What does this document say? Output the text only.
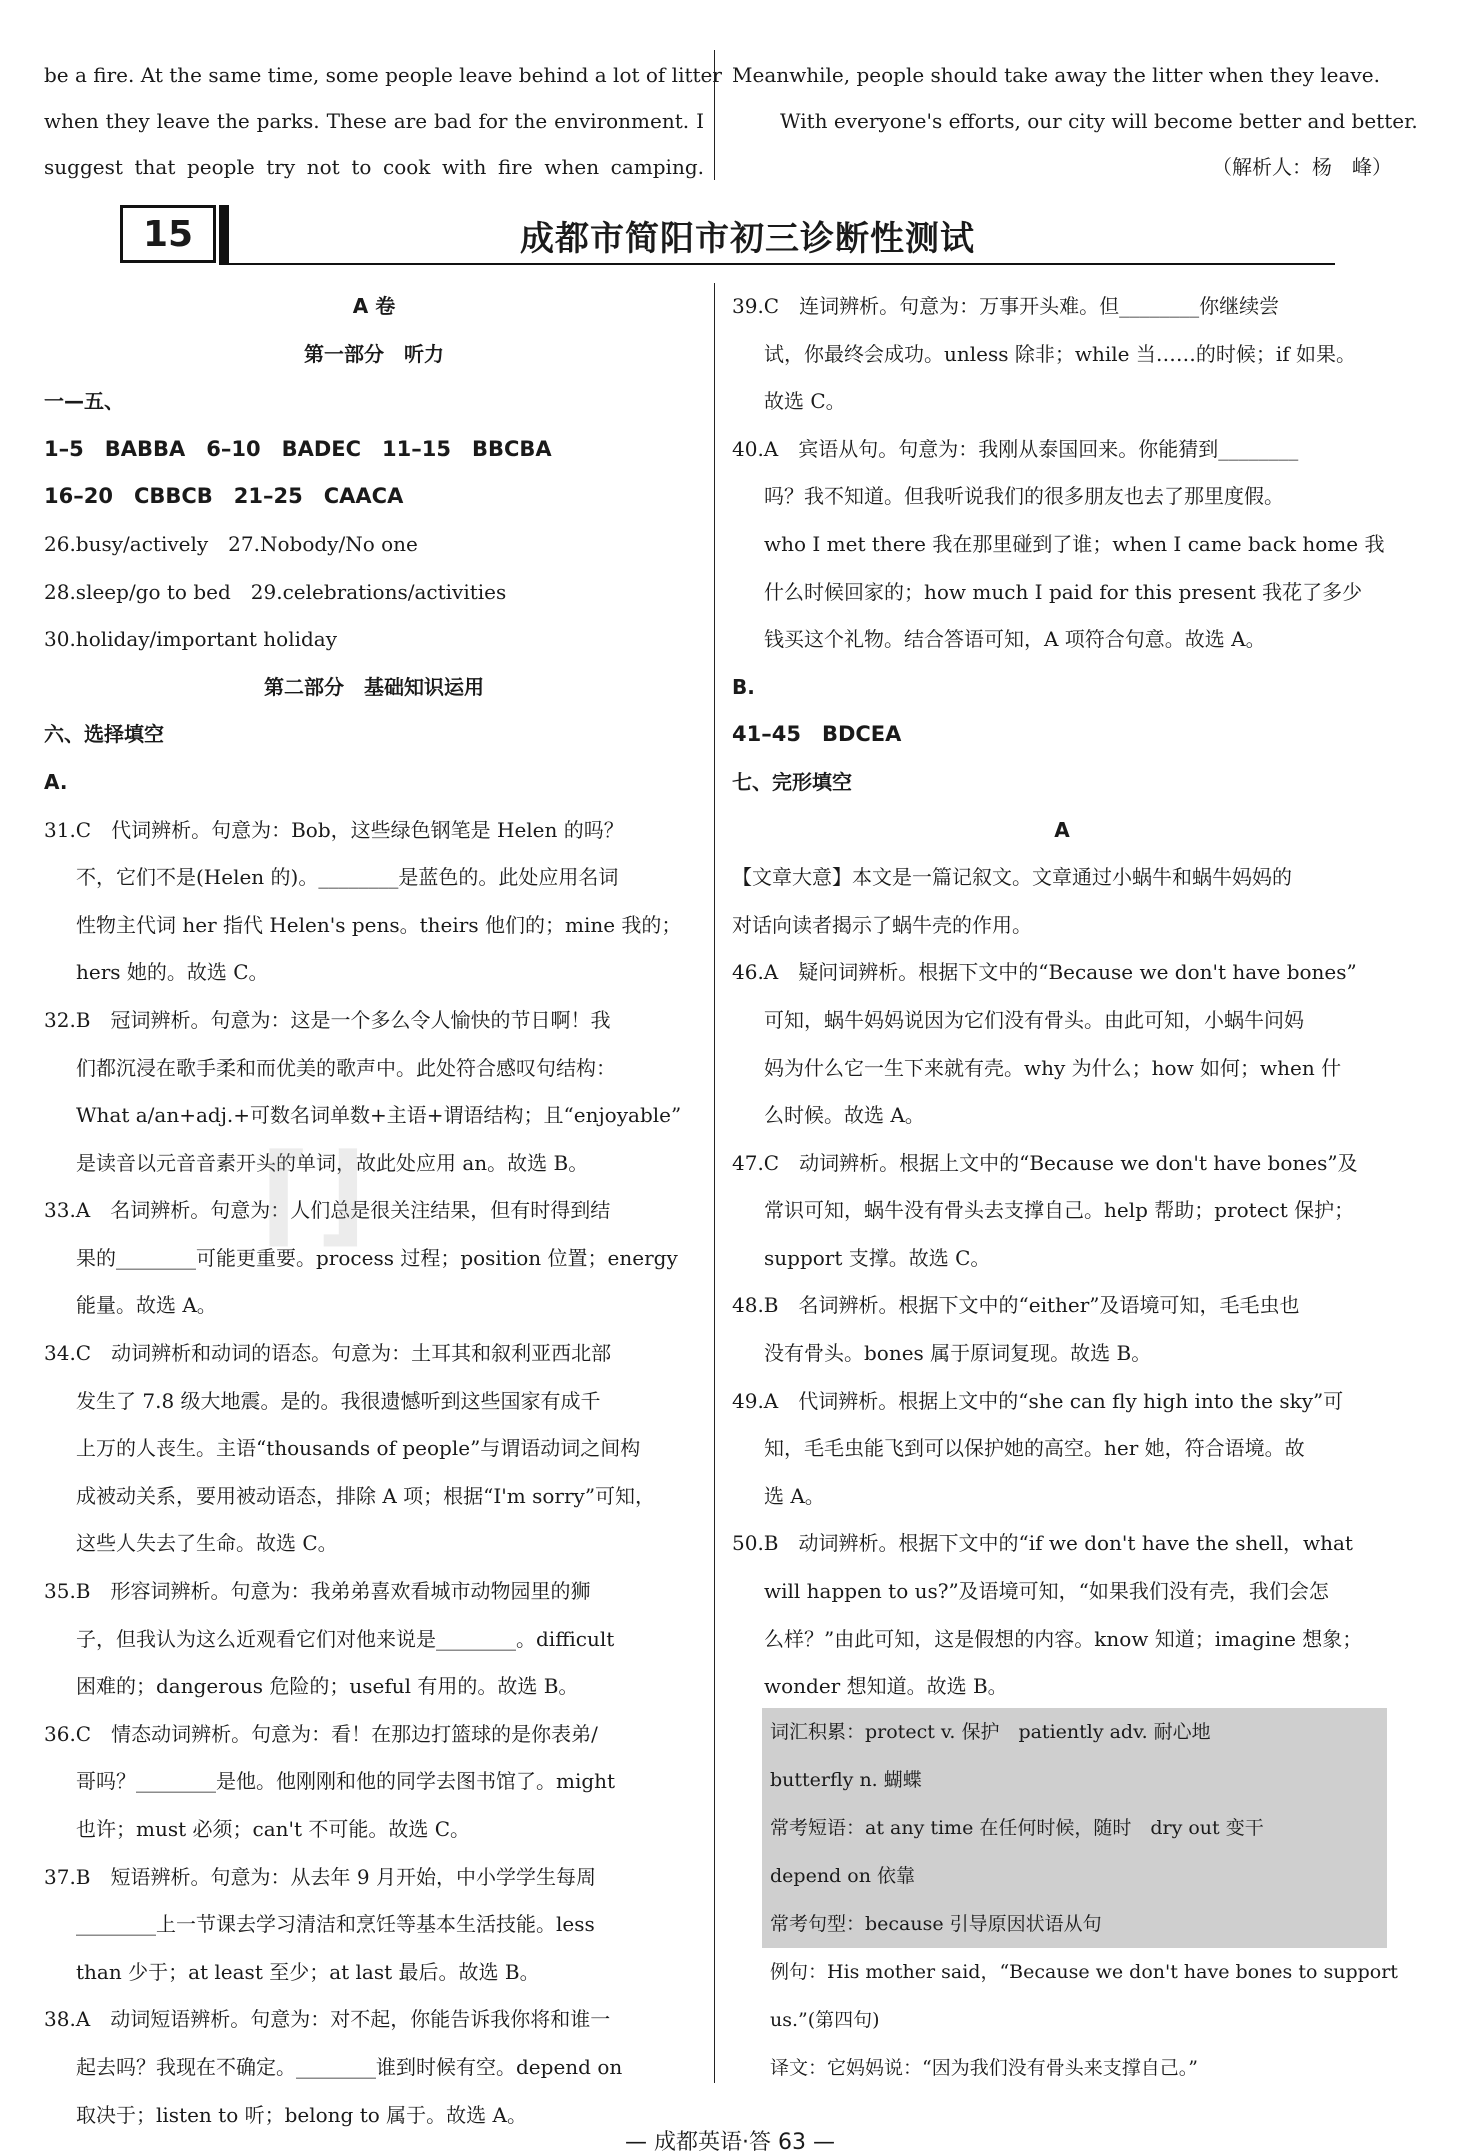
be a fire. At the same time, some people leave behind a lot of litter
when they leave the parks. These are bad for the environment. I
suggest that people try not to cook with fire when camping.
Meanwhile, people should take away the litter when they leave.
With everyone's efforts, our city will become better and better.
（解析人：杨　峰）
15	成都市简阳市初三诊断性测试
A 卷
第一部分　听力
一—五、
1–5　BABBA　6–10　BADEC　11–15　BBCBA
16–20　CBBCB　21–25　CAACA
26.busy/actively　27.Nobody/No one
28.sleep/go to bed　29.celebrations/activities
30.holiday/important holiday
第二部分　基础知识运用
六、选择填空
A.
31.C　代词辨析。句意为：Bob，这些绿色钢笔是 Helen 的吗？
不，它们不是(Helen 的)。________是蓝色的。此处应用名词
性物主代词 her 指代 Helen's pens。theirs 他们的；mine 我的；
hers 她的。故选 C。
32.B　冠词辨析。句意为：这是一个多么令人愉快的节日啊！我
们都沉浸在歌手柔和而优美的歌声中。此处符合感叹句结构：
What a/an+adj.+可数名词单数+主语+谓语结构；且“enjoyable”
是读音以元音音素开头的单词，故此处应用 an。故选 B。
33.A　名词辨析。句意为：人们总是很关注结果，但有时得到结
果的________可能更重要。process 过程；position 位置；energy
能量。故选 A。
34.C　动词辨析和动词的语态。句意为：土耳其和叙利亚西北部
发生了 7.8 级大地震。是的。我很遗憾听到这些国家有成千
上万的人丧生。主语“thousands of people”与谓语动词之间构
成被动关系，要用被动语态，排除 A 项；根据“I'm sorry”可知，
这些人失去了生命。故选 C。
35.B　形容词辨析。句意为：我弟弟喜欢看城市动物园里的狮
子，但我认为这么近观看它们对他来说是________。difficult
困难的；dangerous 危险的；useful 有用的。故选 B。
36.C　情态动词辨析。句意为：看！在那边打篮球的是你表弟/
哥吗？________是他。他刚刚和他的同学去图书馆了。might
也许；must 必须；can't 不可能。故选 C。
37.B　短语辨析。句意为：从去年 9 月开始，中小学学生每周
________上一节课去学习清洁和烹饪等基本生活技能。less
than 少于；at least 至少；at last 最后。故选 B。
38.A　动词短语辨析。句意为：对不起，你能告诉我你将和谁一
起去吗？我现在不确定。________谁到时候有空。depend on
取决于；listen to 听；belong to 属于。故选 A。
39.C　连词辨析。句意为：万事开头难。但________你继续尝
试，你最终会成功。unless 除非；while 当……的时候；if 如果。
故选 C。
40.A　宾语从句。句意为：我刚从泰国回来。你能猜到________
吗？我不知道。但我听说我们的很多朋友也去了那里度假。
who I met there 我在那里碰到了谁；when I came back home 我
什么时候回家的；how much I paid for this present 我花了多少
钱买这个礼物。结合答语可知，A 项符合句意。故选 A。
B.
41–45　BDCEA
七、完形填空
A
【文章大意】本文是一篇记叙文。文章通过小蜗牛和蜗牛妈妈的
对话向读者揭示了蜗牛壳的作用。
46.A　疑问词辨析。根据下文中的“Because we don't have bones”
可知，蜗牛妈妈说因为它们没有骨头。由此可知，小蜗牛问妈
妈为什么它一生下来就有壳。why 为什么；how 如何；when 什
么时候。故选 A。
47.C　动词辨析。根据上文中的“Because we don't have bones”及
常识可知，蜗牛没有骨头去支撑自己。help 帮助；protect 保护；
support 支撑。故选 C。
48.B　名词辨析。根据下文中的“either”及语境可知，毛毛虫也
没有骨头。bones 属于原词复现。故选 B。
49.A　代词辨析。根据上文中的“she can fly high into the sky”可
知，毛毛虫能飞到可以保护她的高空。her 她，符合语境。故
选 A。
50.B　动词辨析。根据下文中的“if we don't have the shell，what
will happen to us?”及语境可知，“如果我们没有壳，我们会怎
么样？”由此可知，这是假想的内容。know 知道；imagine 想象；
wonder 想知道。故选 B。
词汇积累：protect v. 保护　patiently adv. 耐心地
butterfly n. 蝴蝶
常考短语：at any time 在任何时候，随时　dry out 变干
depend on 依靠
常考句型：because 引导原因状语从句
例句：His mother said，“Because we don't have bones to support
us.”(第四句)
译文：它妈妈说：“因为我们没有骨头来支撑自己。”
⌈⌋
— 成都英语·答 63 —
